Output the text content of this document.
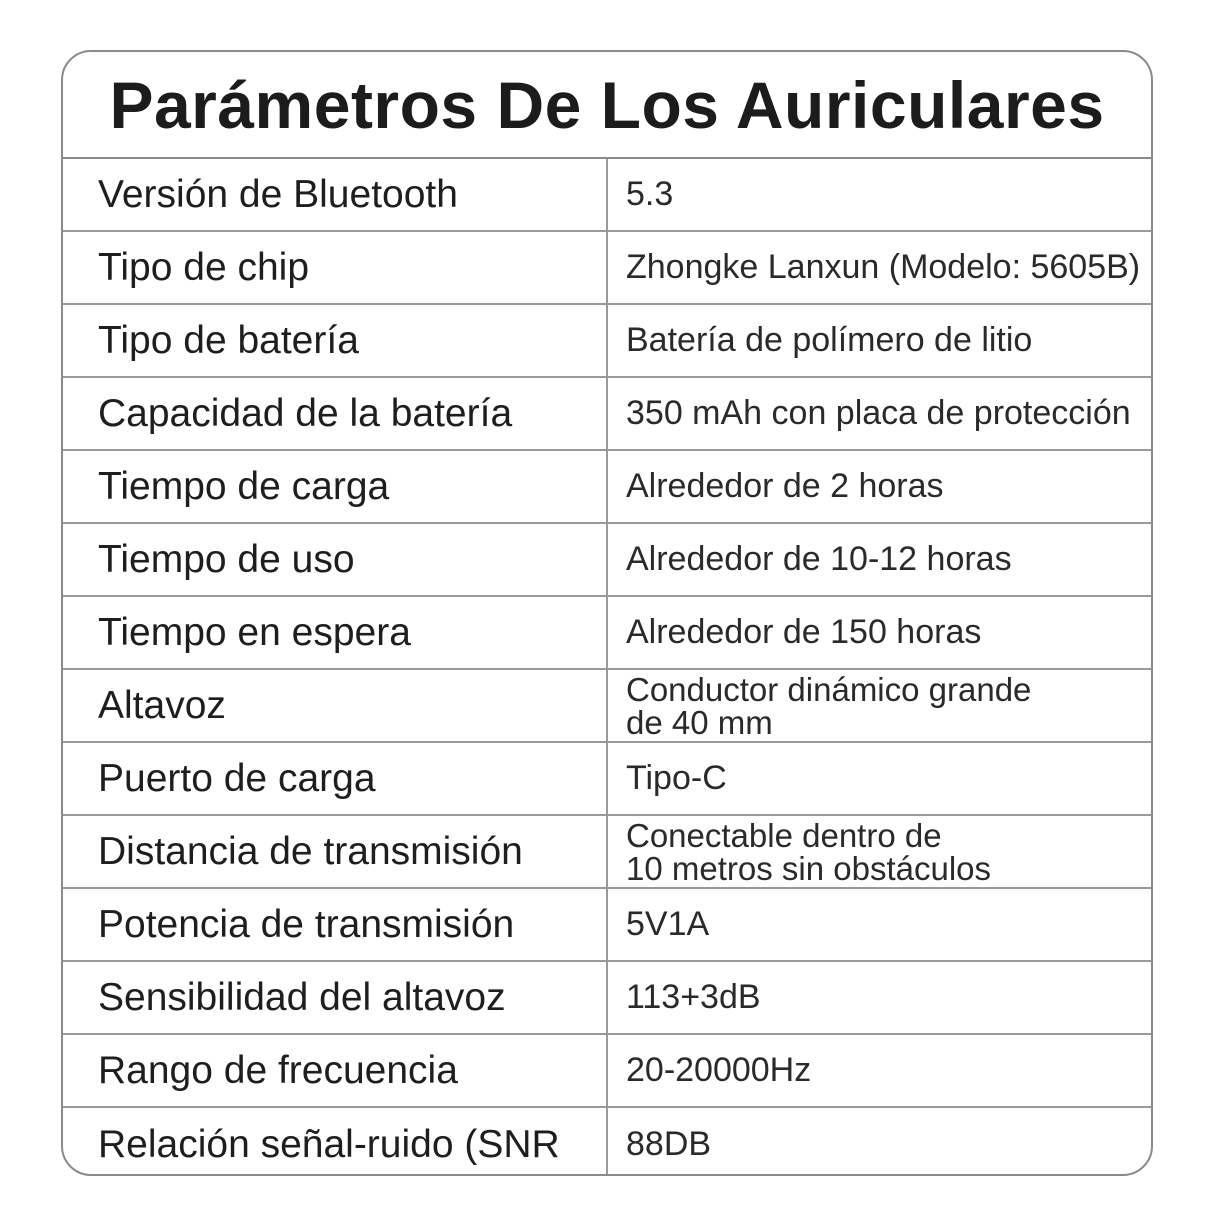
Parámetros De Los Auriculares
Versión de Bluetooth	5.3
Tipo de chip	Zhongke Lanxun (Modelo: 5605B)
Tipo de batería	Batería de polímero de litio
Capacidad de la batería	350 mAh con placa de protección
Tiempo de carga	Alrededor de 2 horas
Tiempo de uso	Alrededor de 10-12 horas
Tiempo en espera	Alrededor de 150 horas
Altavoz	Conductor dinámico grande
de 40 mm
Puerto de carga	Tipo-C
Distancia de transmisión	Conectable dentro de
10 metros sin obstáculos
Potencia de transmisión	5V1A
Sensibilidad del altavoz	113+3dB
Rango de frecuencia	20-20000Hz
Relación señal-ruido (SNR	88DB
